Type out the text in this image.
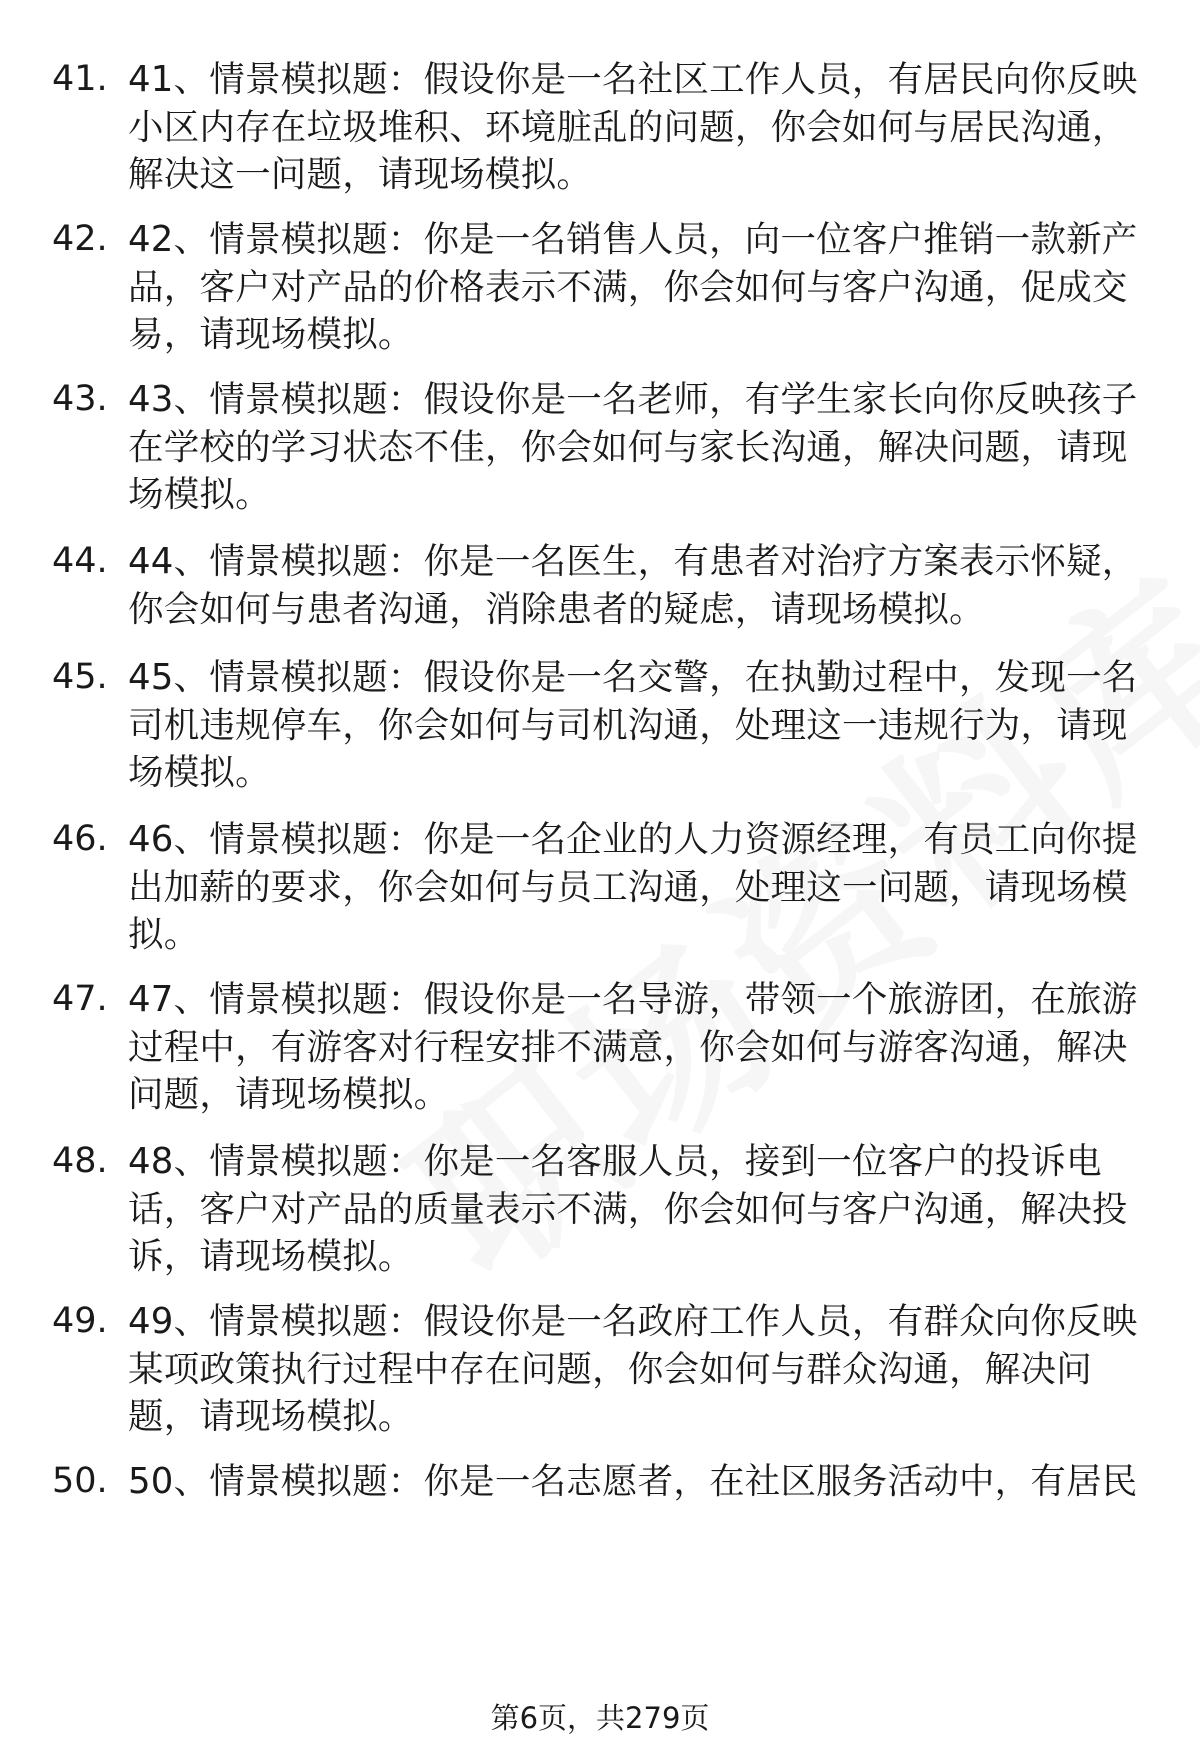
41. 41、情景模拟题：假设你是一名社区工作人员，有居民向你反映小区内存在垃圾堆积、环境脏乱的问题，你会如何与居民沟通，解决这一问题，请现场模拟。
42. 42、情景模拟题：你是一名销售人员，向一位客户推销一款新产品，客户对产品的价格表示不满，你会如何与客户沟通，促成交易，请现场模拟。
43. 43、情景模拟题：假设你是一名老师，有学生家长向你反映孩子在学校的学习状态不佳，你会如何与家长沟通，解决问题，请现场模拟。
44. 44、情景模拟题：你是一名医生，有患者对治疗方案表示怀疑，你会如何与患者沟通，消除患者的疑虑，请现场模拟。
45. 45、情景模拟题：假设你是一名交警，在执勤过程中，发现一名司机违规停车，你会如何与司机沟通，处理这一违规行为，请现场模拟。
46. 46、情景模拟题：你是一名企业的人力资源经理，有员工向你提出加薪的要求，你会如何与员工沟通，处理这一问题，请现场模拟。
47. 47、情景模拟题：假设你是一名导游，带领一个旅游团，在旅游过程中，有游客对行程安排不满意，你会如何与游客沟通，解决问题，请现场模拟。
48. 48、情景模拟题：你是一名客服人员，接到一位客户的投诉电话，客户对产品的质量表示不满，你会如何与客户沟通，解决投诉，请现场模拟。
49. 49、情景模拟题：假设你是一名政府工作人员，有群众向你反映某项政策执行过程中存在问题，你会如何与群众沟通，解决问题，请现场模拟。
50. 50、情景模拟题：你是一名志愿者，在社区服务活动中，有居民
第6页，共279页
